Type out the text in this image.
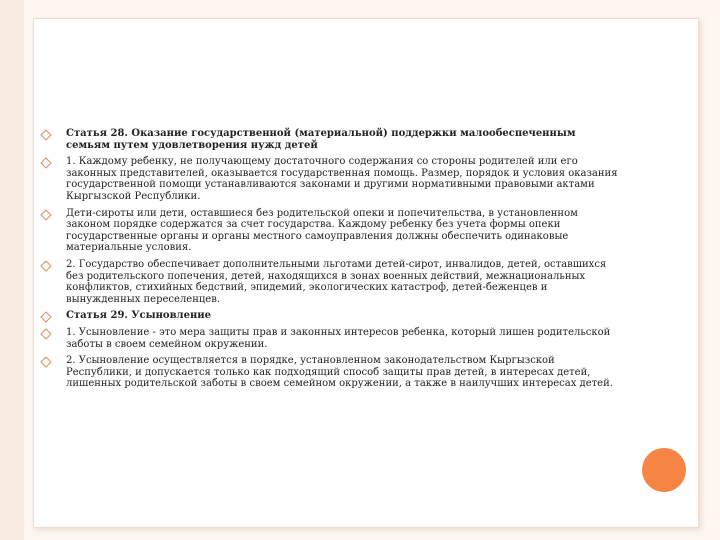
Статья 28. Оказание государственной (материальной) поддержки малообеспеченным семьям путем удовлетворения нужд детей
1. Каждому ребенку, не получающему достаточного содержания со стороны родителей или его законных представителей, оказывается государственная помощь. Размер, порядок и условия оказания государственной помощи устанавливаются законами и другими нормативными правовыми актами Кыргызской Республики.
Дети-сироты или дети, оставшиеся без родительской опеки и попечительства, в установленном законом порядке содержатся за счет государства. Каждому ребенку без учета формы опеки государственные органы и органы местного самоуправления должны обеспечить одинаковые материальные условия.
2. Государство обеспечивает дополнительными льготами детей-сирот, инвалидов, детей, оставшихся без родительского попечения, детей, находящихся в зонах военных действий, межнациональных конфликтов, стихийных бедствий, эпидемий, экологических катастроф, детей-беженцев и вынужденных переселенцев.
Статья 29. Усыновление
1. Усыновление - это мера защиты прав и законных интересов ребенка, который лишен родительской заботы в своем семейном окружении.
2. Усыновление осуществляется в порядке, установленном законодательством Кыргызской Республики, и допускается только как подходящий способ защиты прав детей, в интересах детей, лишенных родительской заботы в своем семейном окружении, а также в наилучших интересах детей.
